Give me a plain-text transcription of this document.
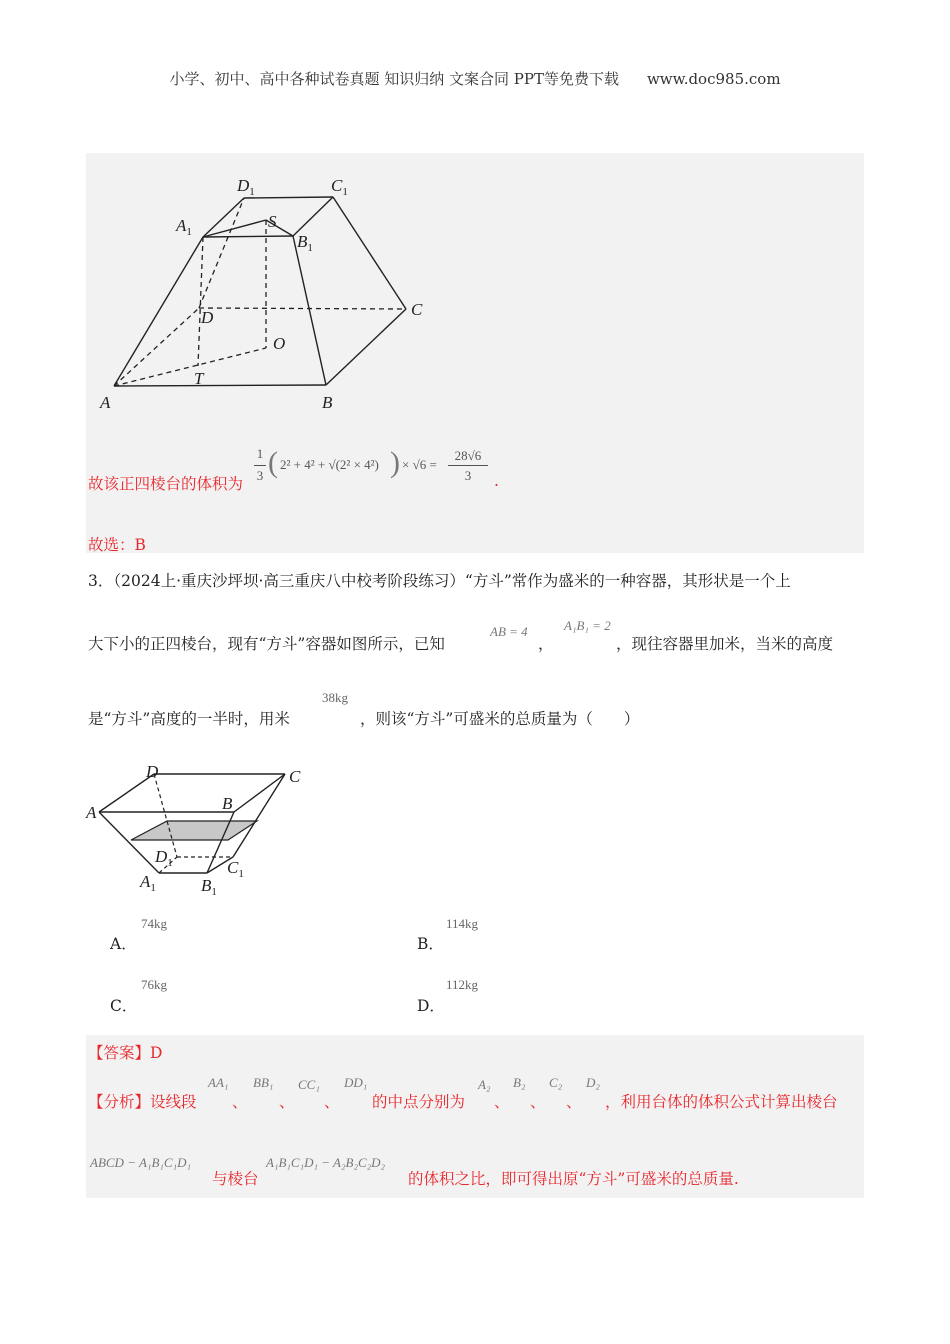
小学、初中、高中各种试卷真题 知识归纳 文案合同 PPT等免费下载 www.doc985.com
A	B
C
D
O
T
S
$A_1$	$B_1$
$C_1$
$D_1$
故该正四棱台的体积为
1
3 ( 2² + 4² + √(2² × 4²) ) × √6 =
28√6
3	.
故选：B
3．（2024上·重庆沙坪坝·高三重庆八中校考阶段练习）“方斗”常作为盛米的一种容器，其形状是一个上
大下小的正四棱台，现有“方斗”容器如图所示，已知
AB = 4
，
A₁B₁ = 2
，现往容器里加米，当米的高度
是“方斗”高度的一半时，用米
38kg
，则该“方斗”可盛米的总质量为（　　）
A	B
C
D
$D_1$
$A_1$	$B_1$
$C_1$
A．
74kg
B．
114kg
C．
76kg
D．
112kg
【答案】D
【分析】设线段
AA₁
、
BB₁
、
CC₁
、
DD₁
的中点分别为
A₂
、
B₂
、
C₂
、
D₂
，利用台体的体积公式计算出棱台
ABCD − A₁B₁C₁D₁
与棱台
A₁B₁C₁D₁ − A₂B₂C₂D₂
的体积之比，即可得出原“方斗”可盛米的总质量.
